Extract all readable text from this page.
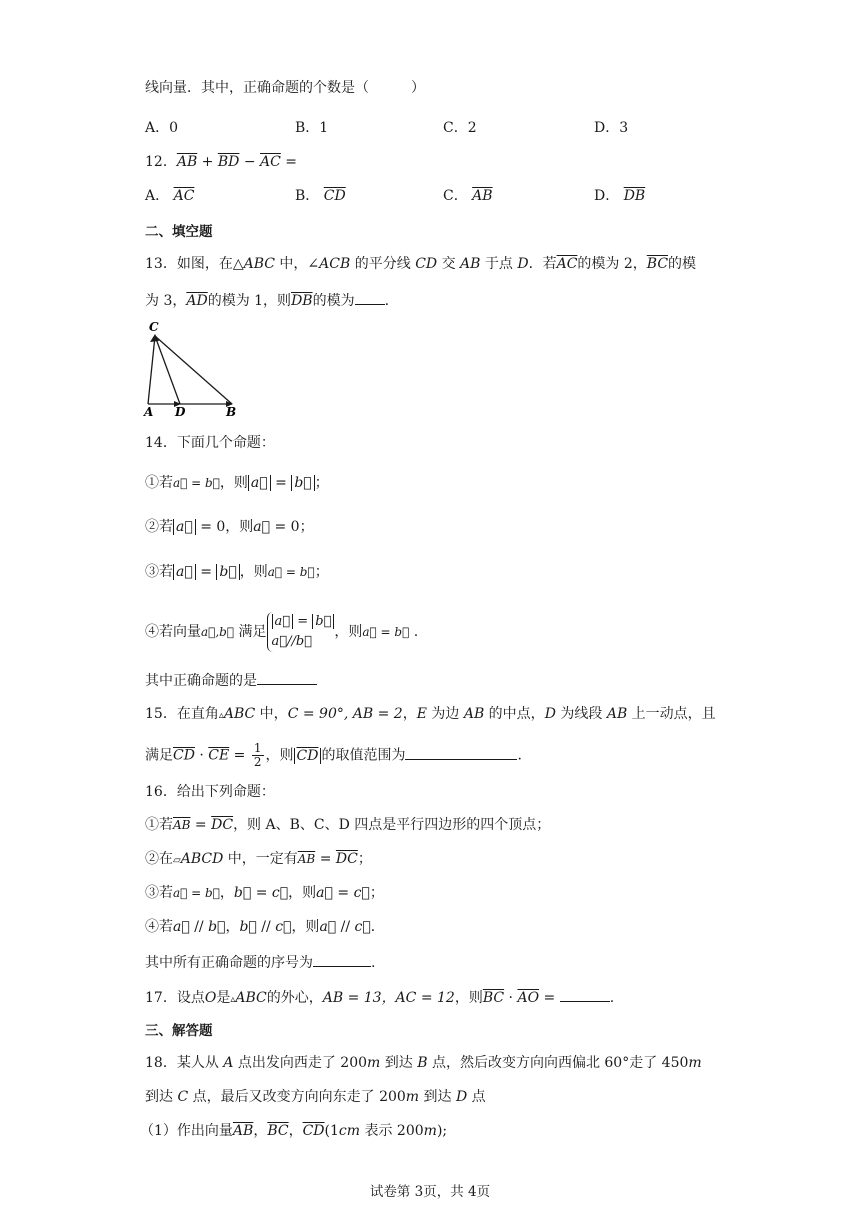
线向量．其中，正确命题的个数是（　　　）
A．0	B．1	C．2	D．3
12．$\overline{AB} + \overline{BD} - \overline{AC}$ =
A． $\overline{AC}$	B． $\overline{CD}$	C． $\overline{AB}$	D． $\overline{DB}$
二、填空题
13．如图，在△ABC 中，∠ACB 的平分线 CD 交 AB 于点 D．若$\overline{AC}$的模为 2，$\overline{BC}$的模
为 3，$\overline{AD}$的模为 1，则$\overline{DB}$的模为 .
C
A D	B
14．下面几个命题：
①若a⃗ = b⃗，则 a⃗ = b⃗ ；
②若 a⃗ = 0，则a⃗ = 0；
③若 a⃗ = b⃗ ，则a⃗ = b⃗；
④若向量a⃗,b⃗ 满足a⃗ = b⃗
a⃗//b⃗，则a⃗ = b⃗ .
其中正确命题的是
15．在直角▵ABC 中，C = 90°, AB = 2，E 为边 AB 的中点，D 为线段 AB 上一动点，且
满足$\overline{CD} \cdot \overline{CE} = \frac{1}{2}$ ，则 $\overline{CD}$ 的取值范围为	.
16．给出下列命题：
①若$\overline{AB} = \overline{DC}$，则 A、B、C、D 四点是平行四边形的四个顶点；
②在▱ABCD 中，一定有$\overline{AB} = \overline{DC}$；
③若a⃗ = b⃗，b⃗ = c⃗，则a⃗ = c⃗；
④若a⃗ // b⃗，b⃗ // c⃗，则a⃗ // c⃗．
其中所有正确命题的序号为	.
17．设点O是▵ABC的外心，AB = 13，AC = 12，则$\overline{BC} \cdot \overline{AO}$ =	.
三、解答题
18．某人从 A 点出发向西走了 200m 到达 B 点，然后改变方向向西偏北 60°走了 450m
到达 C 点，最后又改变方向向东走了 200m 到达 D 点
（1）作出向量$\overline{AB}$，$\overline{BC}$，$\overline{CD}(1cm$ 表示 200m);
试卷第 3页，共 4页
